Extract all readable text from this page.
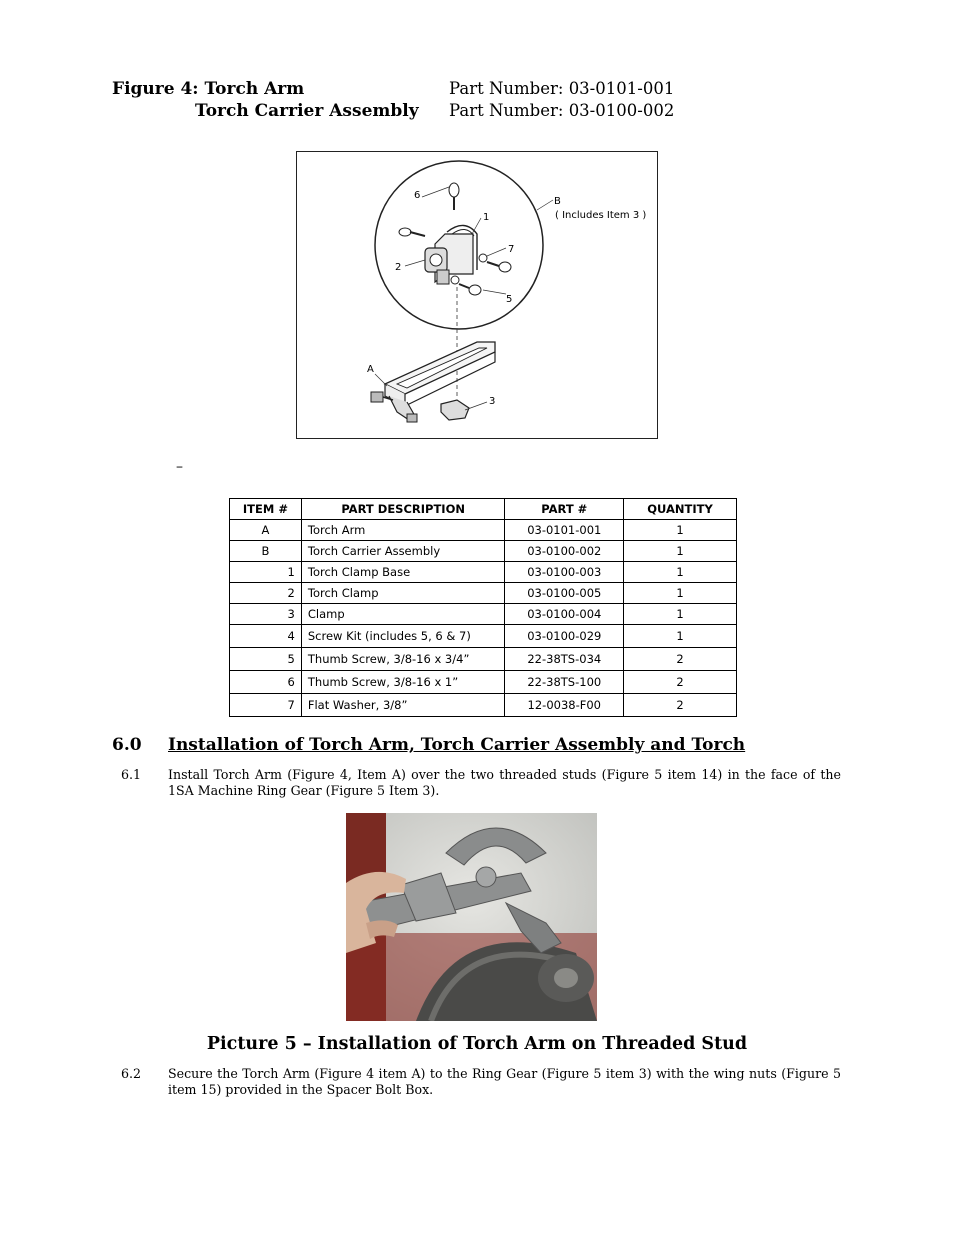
Figure 4: Torch Arm
Torch Carrier Assembly
Part Number: 03-0101-001
Part Number: 03-0100-002
6
1
7
2
5
A
3
B
( Includes Item 3 )
–
ITEM #	PART DESCRIPTION	PART #	QUANTITY
A	Torch Arm	03-0101-001	1
B	Torch Carrier Assembly	03-0100-002	1
1	Torch Clamp Base	03-0100-003	1
2	Torch Clamp	03-0100-005	1
3	Clamp	03-0100-004	1
4	Screw Kit (includes 5, 6 & 7)	03-0100-029	1
5	Thumb Screw, 3/8-16 x 3/4”	22-38TS-034	2
6	Thumb Screw, 3/8-16 x 1”	22-38TS-100	2
7	Flat Washer, 3/8”	12-0038-F00	2
6.0 Installation of Torch Arm, Torch Carrier Assembly and Torch
6.1 Install Torch Arm (Figure 4, Item A) over the two threaded studs (Figure 5 item 14) in the face of the 1SA Machine Ring Gear (Figure 5 Item 3).
Picture 5 – Installation of Torch Arm on Threaded Stud
6.2 Secure the Torch Arm (Figure 4 item A) to the Ring Gear (Figure 5 item 3) with the wing nuts (Figure 5 item 15) provided in the Spacer Bolt Box.
